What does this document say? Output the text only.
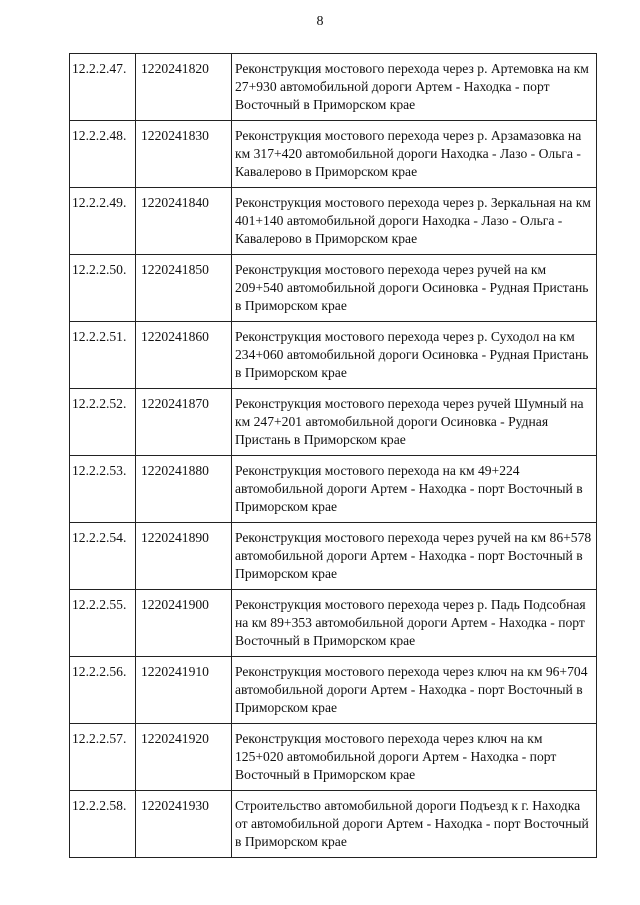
8
12.2.2.47.	1220241820	Реконструкция мостового перехода через р. Артемовка на км 27+930 автомобильной дороги Артем - Находка - порт Восточный в Приморском крае
12.2.2.48.	1220241830	Реконструкция мостового перехода через р. Арзамазовка на км 317+420 автомобильной дороги Находка - Лазо - Ольга - Кавалерово в Приморском крае
12.2.2.49.	1220241840	Реконструкция мостового перехода через р. Зеркальная на км 401+140 автомобильной дороги Находка - Лазо - Ольга - Кавалерово в Приморском крае
12.2.2.50.	1220241850	Реконструкция мостового перехода через ручей на км 209+540 автомобильной дороги Осиновка - Рудная Пристань в Приморском крае
12.2.2.51.	1220241860	Реконструкция мостового перехода через р. Суходол на км 234+060 автомобильной дороги Осиновка - Рудная Пристань в Приморском крае
12.2.2.52.	1220241870	Реконструкция мостового перехода через ручей Шумный на км 247+201 автомобильной дороги Осиновка - Рудная Пристань в Приморском крае
12.2.2.53.	1220241880	Реконструкция мостового перехода на км 49+224 автомобильной дороги Артем - Находка - порт Восточный в Приморском крае
12.2.2.54.	1220241890	Реконструкция мостового перехода через ручей на км 86+578 автомобильной дороги Артем - Находка - порт Восточный в Приморском крае
12.2.2.55.	1220241900	Реконструкция мостового перехода через р. Падь Подсобная на км 89+353 автомобильной дороги Артем - Находка - порт Восточный в Приморском крае
12.2.2.56.	1220241910	Реконструкция мостового перехода через ключ на км 96+704 автомобильной дороги Артем - Находка - порт Восточный в Приморском крае
12.2.2.57.	1220241920	Реконструкция мостового перехода через ключ на км 125+020 автомобильной дороги Артем - Находка - порт Восточный в Приморском крае
12.2.2.58.	1220241930	Строительство автомобильной дороги Подъезд к г. Находка от автомобильной дороги Артем - Находка - порт Восточный в Приморском крае
